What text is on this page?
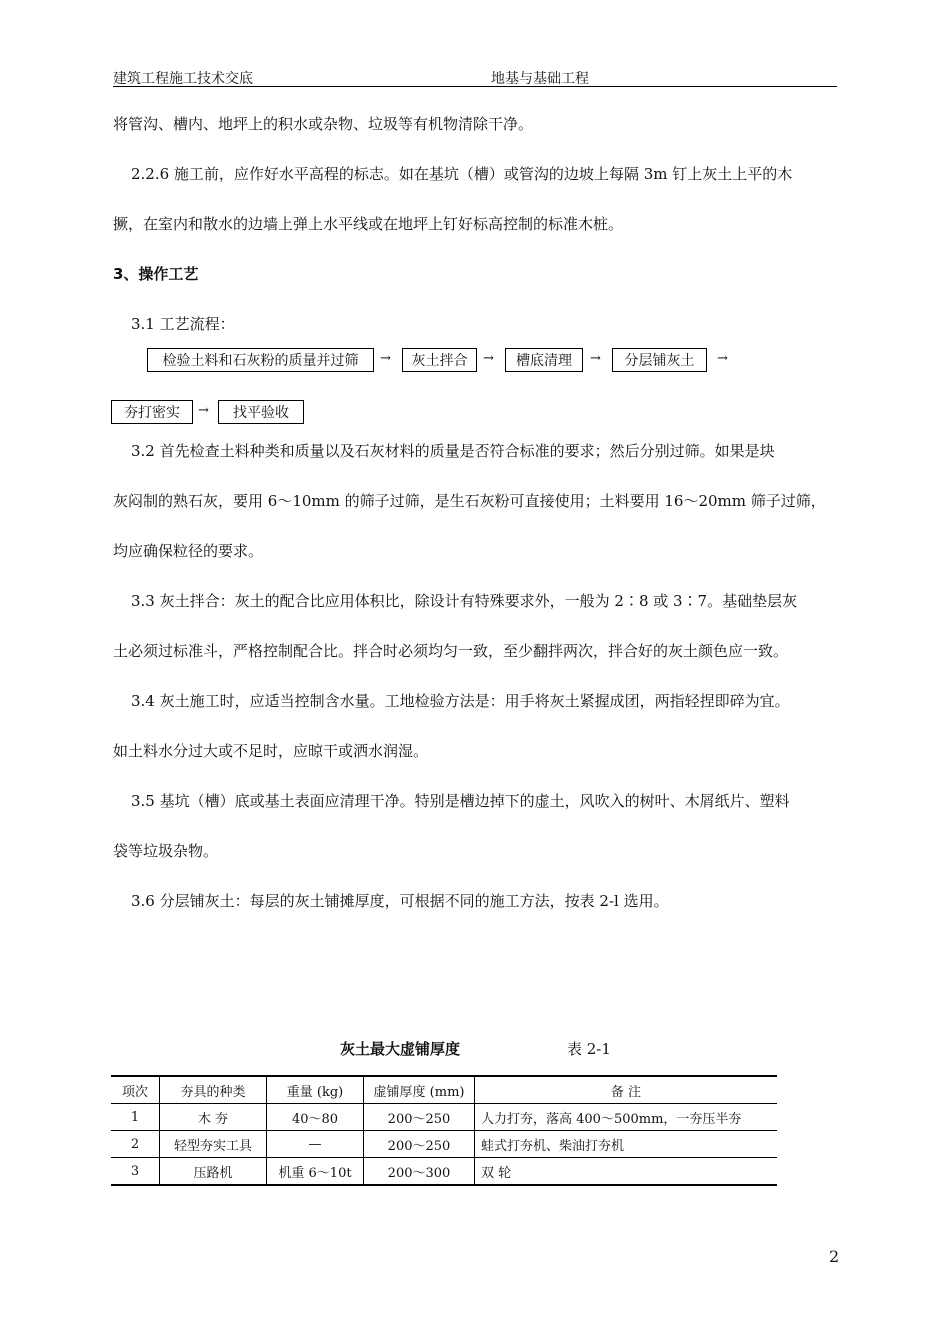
建筑工程施工技术交底	地基与基础工程
将管沟、槽内、地坪上的积水或杂物、垃圾等有机物清除干净。
2.2.6 施工前，应作好水平高程的标志。如在基坑（槽）或管沟的边坡上每隔 3m 钉上灰土上平的木
撅，在室内和散水的边墙上弹上水平线或在地坪上钉好标高控制的标准木桩。
3、操作工艺
3.1 工艺流程：
检验土料和石灰粉的质量并过筛	→	灰土拌合	→	槽底清理	→	分层铺灰土	→
夯打密实	→	找平验收
3.2 首先检查土料种类和质量以及石灰材料的质量是否符合标准的要求；然后分别过筛。如果是块
灰闷制的熟石灰，要用 6～10mm 的筛子过筛，是生石灰粉可直接使用；土料要用 16～20mm 筛子过筛，
均应确保粒径的要求。
3.3 灰土拌合：灰土的配合比应用体积比，除设计有特殊要求外，一般为 2∶8 或 3∶7。基础垫层灰
土必须过标准斗，严格控制配合比。拌合时必须均匀一致，至少翻拌两次，拌合好的灰土颜色应一致。
3.4 灰土施工时，应适当控制含水量。工地检验方法是：用手将灰土紧握成团，两指轻捏即碎为宜。
如土料水分过大或不足时，应晾干或洒水润湿。
3.5 基坑（槽）底或基土表面应清理干净。特别是槽边掉下的虚土，风吹入的树叶、木屑纸片、塑料
袋等垃圾杂物。
3.6 分层铺灰土：每层的灰土铺摊厚度，可根据不同的施工方法，按表 2-l 选用。
灰土最大虚铺厚度	表 2-1
项次	夯具的种类	重量 (kg)	虚铺厚度 (mm)	备 注
1	木 夯	40～80	200～250	人力打夯，落高 400～500mm，一夯压半夯
2	轻型夯实工具	—	200～250	蛙式打夯机、柴油打夯机
3	压路机	机重 6～10t	200～300	双 轮
2
